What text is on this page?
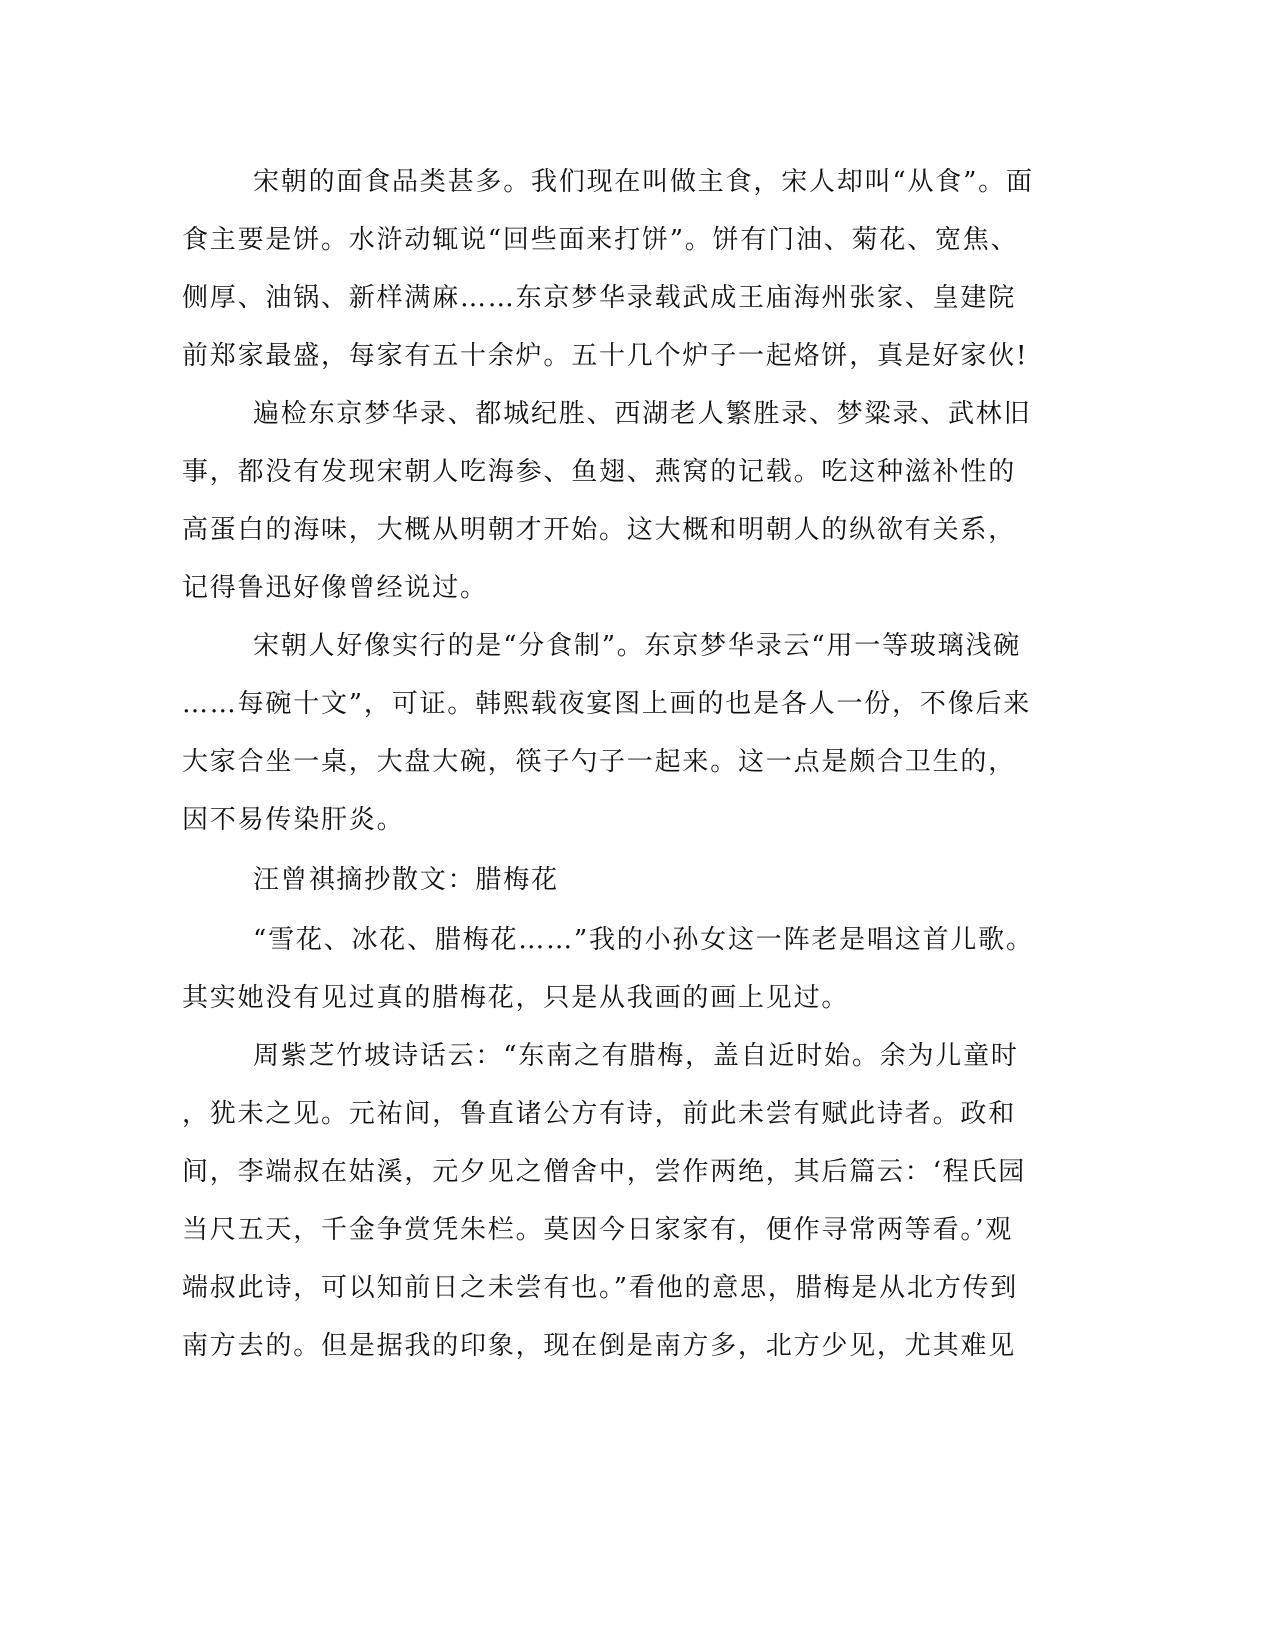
宋朝的面食品类甚多。我们现在叫做主食，宋人却叫“从食”。面
食主要是饼。水浒动辄说“回些面来打饼”。饼有门油、菊花、宽焦、
侧厚、油锅、新样满麻……东京梦华录载武成王庙海州张家、皇建院
前郑家最盛，每家有五十余炉。五十几个炉子一起烙饼，真是好家伙!

遍检东京梦华录、都城纪胜、西湖老人繁胜录、梦粱录、武林旧
事，都没有发现宋朝人吃海参、鱼翅、燕窝的记载。吃这种滋补性的
高蛋白的海味，大概从明朝才开始。这大概和明朝人的纵欲有关系，
记得鲁迅好像曾经说过。

宋朝人好像实行的是“分食制”。东京梦华录云“用一等玻璃浅碗
……每碗十文”，可证。韩熙载夜宴图上画的也是各人一份，不像后来
大家合坐一桌，大盘大碗，筷子勺子一起来。这一点是颇合卫生的，
因不易传染肝炎。

汪曾祺摘抄散文：腊梅花

“雪花、冰花、腊梅花……”我的小孙女这一阵老是唱这首儿歌。
其实她没有见过真的腊梅花，只是从我画的画上见过。

周紫芝竹坡诗话云：“东南之有腊梅，盖自近时始。余为儿童时
，犹未之见。元祐间，鲁直诸公方有诗，前此未尝有赋此诗者。政和
间，李端叔在姑溪，元夕见之僧舍中，尝作两绝，其后篇云：‘程氏园
当尺五天，千金争赏凭朱栏。莫因今日家家有，便作寻常两等看。’观
端叔此诗，可以知前日之未尝有也。”看他的意思，腊梅是从北方传到
南方去的。但是据我的印象，现在倒是南方多，北方少见，尤其难见
